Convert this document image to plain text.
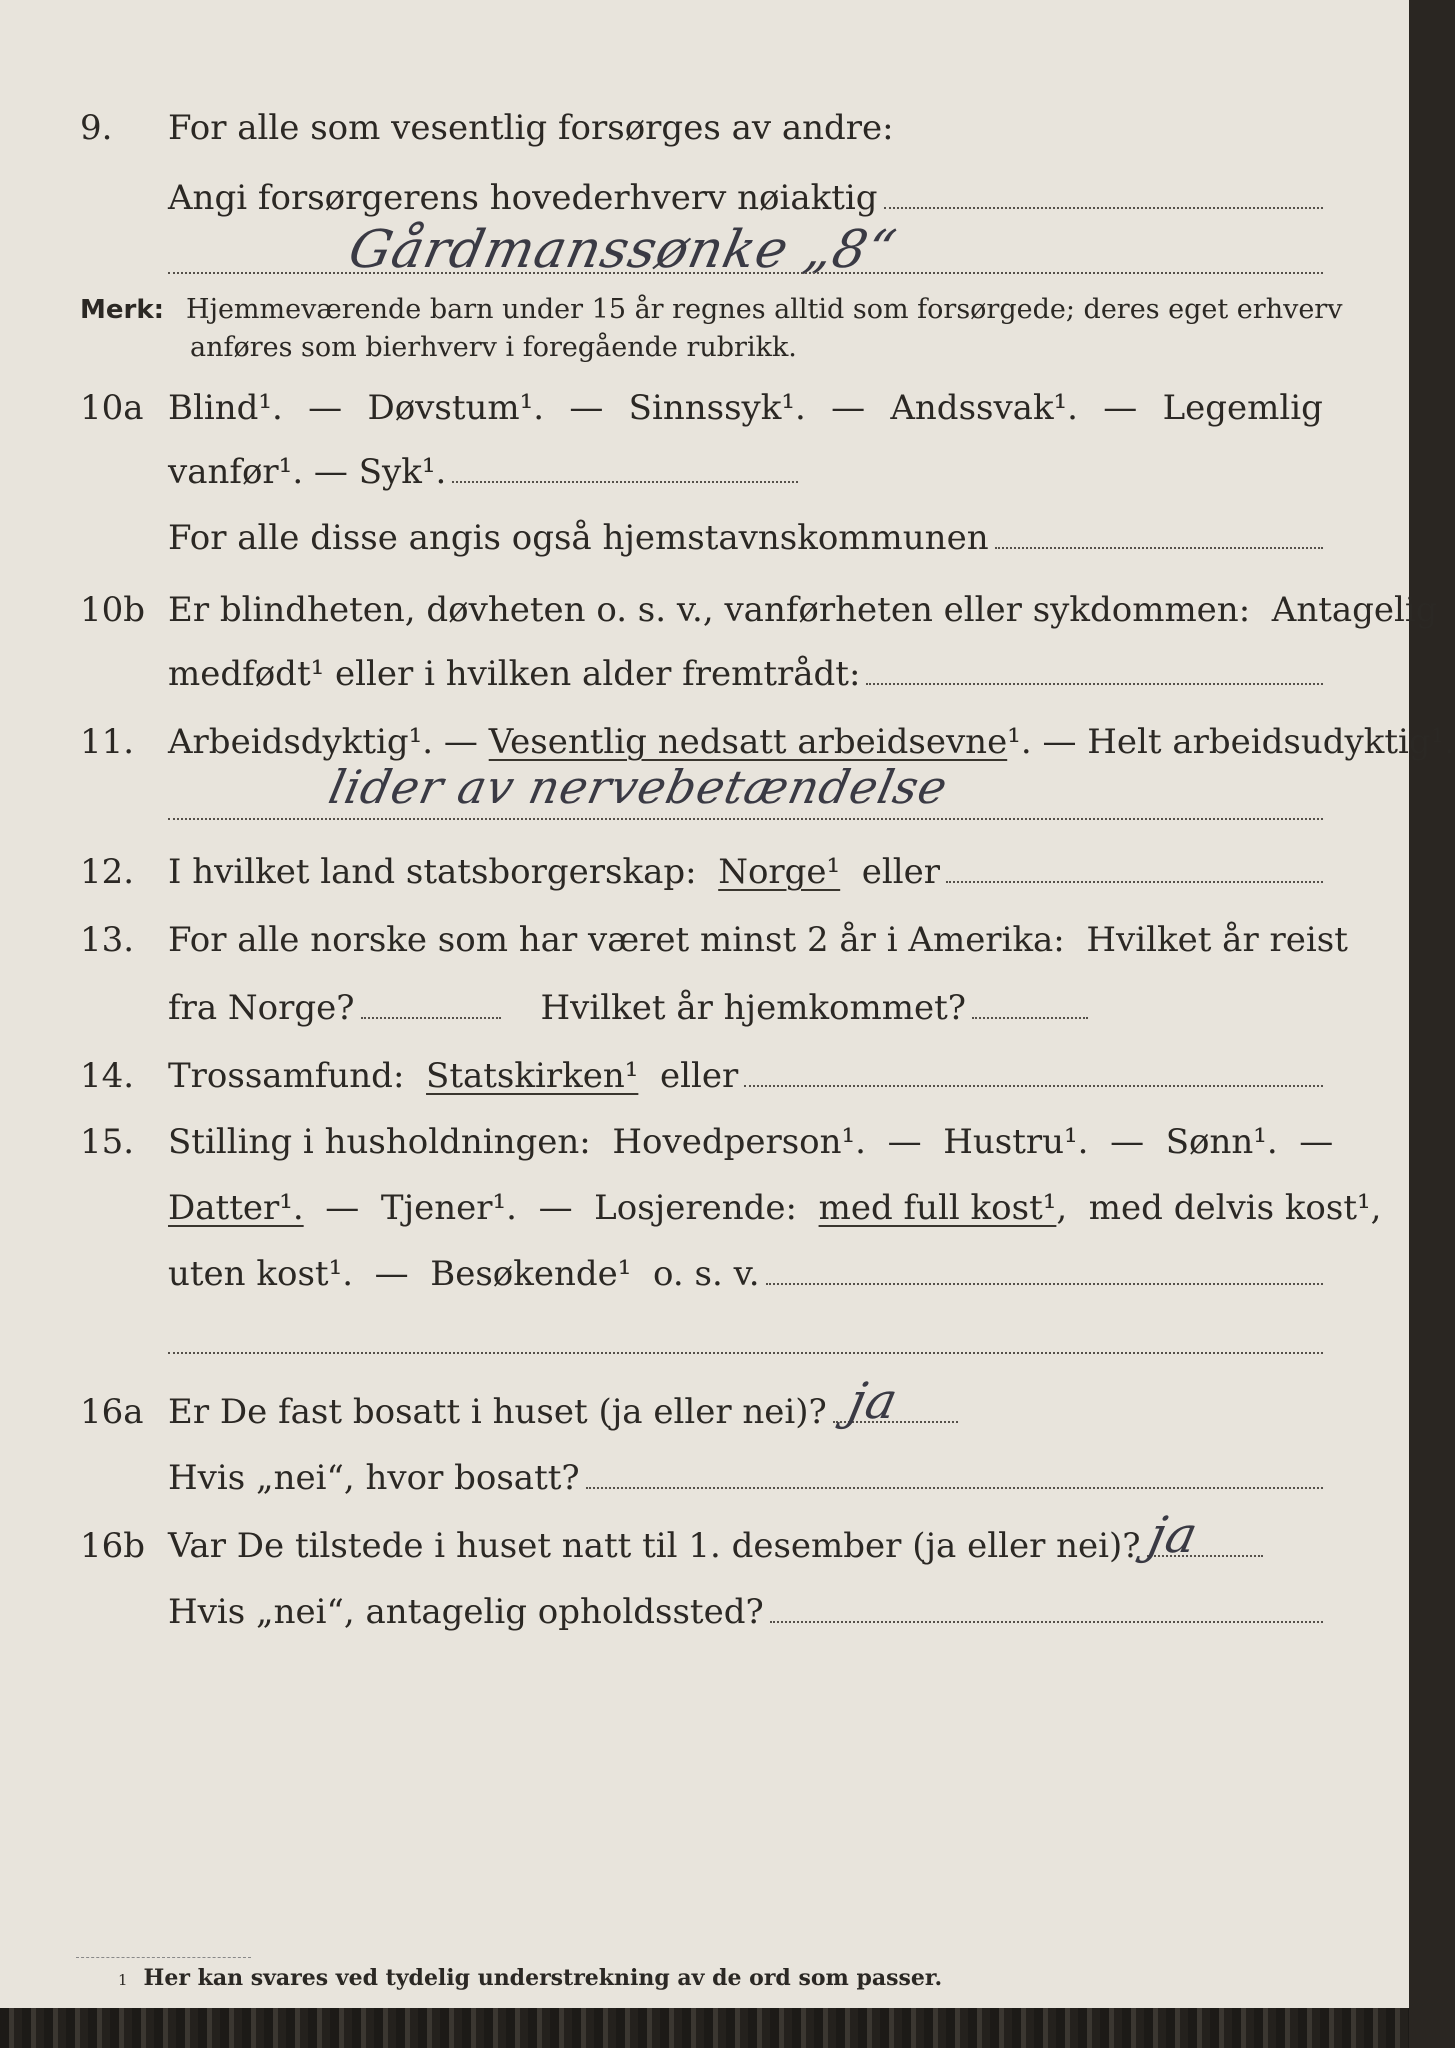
9. For alle som vesentlig forsørges av andre:
Angi forsørgerens hovederhverv nøiaktig
Gårdmanssønke „8“
Merk: Hjemmeværende barn under 15 år regnes alltid som forsørgede; deres eget erhverv
anføres som bierhverv i foregående rubrikk.
10a Blind¹. — Døvstum¹. — Sinnssyk¹. — Andssvak¹. — Legemlig
vanfør¹. — Syk¹.
For alle disse angis også hjemstavnskommunen
10b Er blindheten, døvheten o. s. v., vanførheten eller sykdommen:  Antagelig
medfødt¹ eller i hvilken alder fremtrådt:
11. Arbeidsdyktig¹. — Vesentlig nedsatt arbeidsevne ¹. — Helt arbeidsudyktig¹.
lider av nervebetændelse
12. I hvilket land statsborgerskap: Norge¹ eller
13. For alle norske som har været minst 2 år i Amerika:  Hvilket år reist
fra Norge?	Hvilket år hjemkommet?
14. Trossamfund: Statskirken¹ eller
15. Stilling i husholdningen:  Hovedperson¹.  —  Hustru¹.  —  Sønn¹.  —
Datter¹. —  Tjener¹.  —  Losjerende: med full kost¹ ,  med delvis kost¹,
uten kost¹.  —  Besøkende¹  o. s. v.
16a Er De fast bosatt i huset (ja eller nei)? ja
Hvis „nei“, hvor bosatt?
16b Var De tilstede i huset natt til 1. desember (ja eller nei)? ja
Hvis „nei“, antagelig opholdssted?
1 Her kan svares ved tydelig understrekning av de ord som passer.
